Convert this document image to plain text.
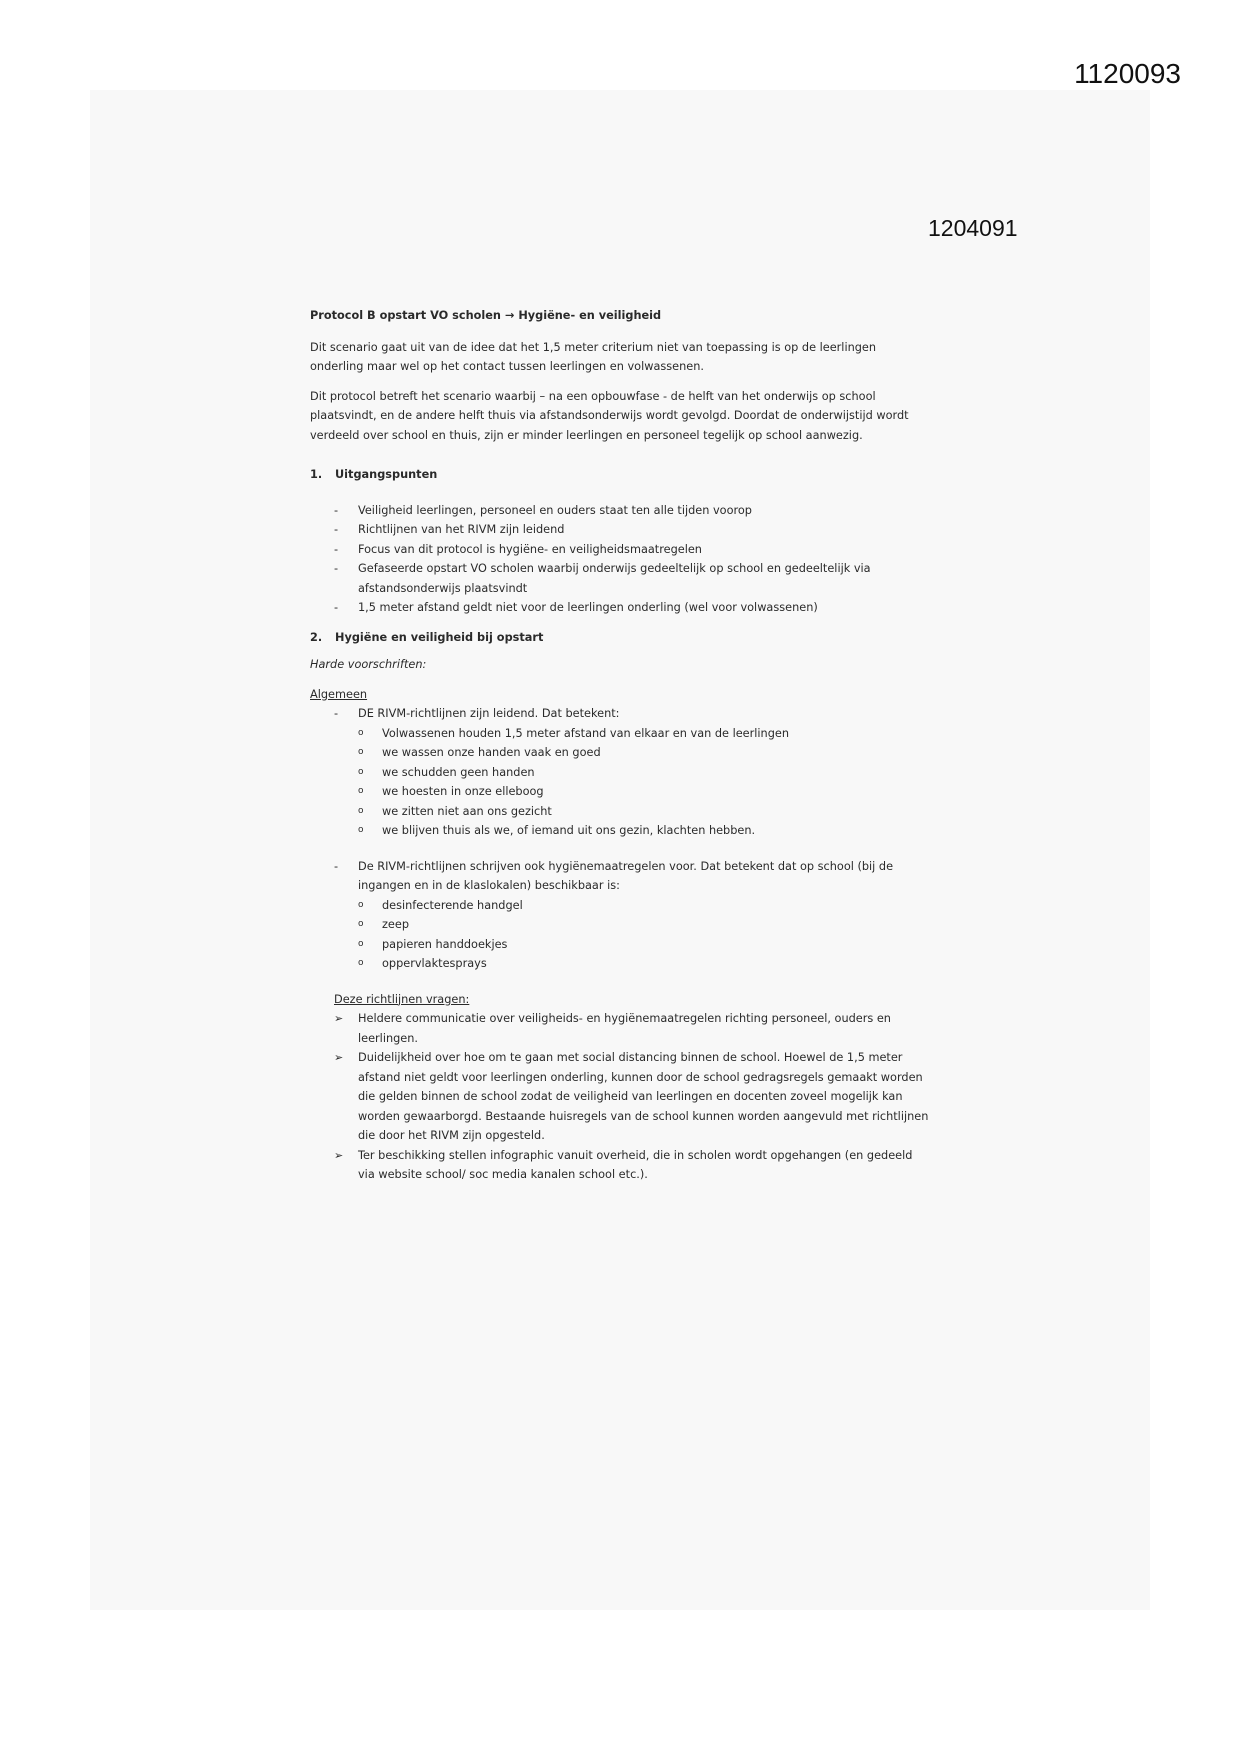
1120093
1204091

Protocol B opstart VO scholen → Hygiëne- en veiligheid

Dit scenario gaat uit van de idee dat het 1,5 meter criterium niet van toepassing is op de leerlingen onderling maar wel op het contact tussen leerlingen en volwassenen.

Dit protocol betreft het scenario waarbij – na een opbouwfase - de helft van het onderwijs op school plaatsvindt, en de andere helft thuis via afstandsonderwijs wordt gevolgd. Doordat de onderwijstijd wordt verdeeld over school en thuis, zijn er minder leerlingen en personeel tegelijk op school aanwezig.

1. Uitgangspunten

- Veiligheid leerlingen, personeel en ouders staat ten alle tijden voorop
- Richtlijnen van het RIVM zijn leidend
- Focus van dit protocol is hygiëne- en veiligheidsmaatregelen
- Gefaseerde opstart VO scholen waarbij onderwijs gedeeltelijk op school en gedeeltelijk via afstandsonderwijs plaatsvindt
- 1,5 meter afstand geldt niet voor de leerlingen onderling (wel voor volwassenen)

2. Hygiëne en veiligheid bij opstart

Harde voorschriften:

Algemeen

- DE RIVM-richtlijnen zijn leidend. Dat betekent:
o Volwassenen houden 1,5 meter afstand van elkaar en van de leerlingen
o we wassen onze handen vaak en goed
o we schudden geen handen
o we hoesten in onze elleboog
o we zitten niet aan ons gezicht
o we blijven thuis als we, of iemand uit ons gezin, klachten hebben.
- De RIVM-richtlijnen schrijven ook hygiënemaatregelen voor. Dat betekent dat op school (bij de ingangen en in de klaslokalen) beschikbaar is:
o desinfecterende handgel
o zeep
o papieren handdoekjes
o oppervlaktesprays

Deze richtlijnen vragen:

➢ Heldere communicatie over veiligheids- en hygiënemaatregelen richting personeel, ouders en leerlingen.
➢ Duidelijkheid over hoe om te gaan met social distancing binnen de school. Hoewel de 1,5 meter afstand niet geldt voor leerlingen onderling, kunnen door de school gedragsregels gemaakt worden die gelden binnen de school zodat de veiligheid van leerlingen en docenten zoveel mogelijk kan worden gewaarborgd. Bestaande huisregels van de school kunnen worden aangevuld met richtlijnen die door het RIVM zijn opgesteld.
➢ Ter beschikking stellen infographic vanuit overheid, die in scholen wordt opgehangen (en gedeeld via website school/ soc media kanalen school etc.).
